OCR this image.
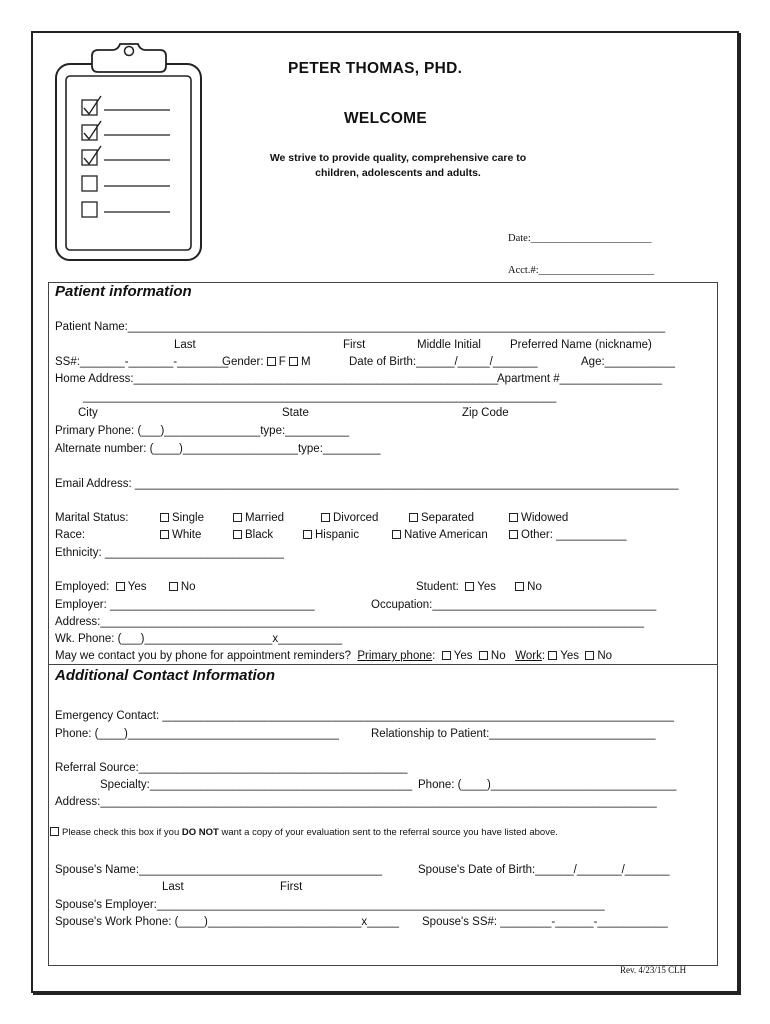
PETER THOMAS, PHD.
WELCOME
We strive to provide quality, comprehensive care to
children, adolescents and adults.
Date:_______________________
Acct.#:______________________
Patient information
Patient Name:____________________________________________________________________________________
Last	First	Middle Initial	Preferred Name (nickname)
SS#:_______-_______-________
Gender: F M	Date of Birth:______/_____/_______	Age:___________
Home Address:_________________________________________________________
Apartment #________________
__________________________________________________________________________
City	State	Zip Code
Primary Phone: (___)_______________type:__________
Alternate number: (____)__________________type:_________
Email Address: _____________________________________________________________________________________
Marital Status:	Single	Married	Divorced	Separated	Widowed
Race:	White	Black	Hispanic	Native American	Other: ___________
Ethnicity: ____________________________
Employed: Yes	No	Student: Yes	No
Employer: ________________________________	Occupation:___________________________________
Address:_____________________________________________________________________________________
Wk. Phone: (___)____________________x__________
May we contact you by phone for appointment reminders? Primary phone:  Yes No Work: Yes No
Additional Contact Information
Emergency Contact: ________________________________________________________________________________
Phone: (____)_________________________________	Relationship to Patient:__________________________
Referral Source:__________________________________________
Specialty:_________________________________________ Phone: (____)_____________________________
Address:_______________________________________________________________________________________
Please check this box if you DO NOT want a copy of your evaluation sent to the referral source you have listed above.
Spouse's Name:______________________________________	Spouse's Date of Birth:______/_______/_______
Last	First
Spouse's Employer:______________________________________________________________________
Spouse's Work Phone: (____)________________________x_____ Spouse's SS#: ________-______-___________
Rev. 4/23/15 CLH
